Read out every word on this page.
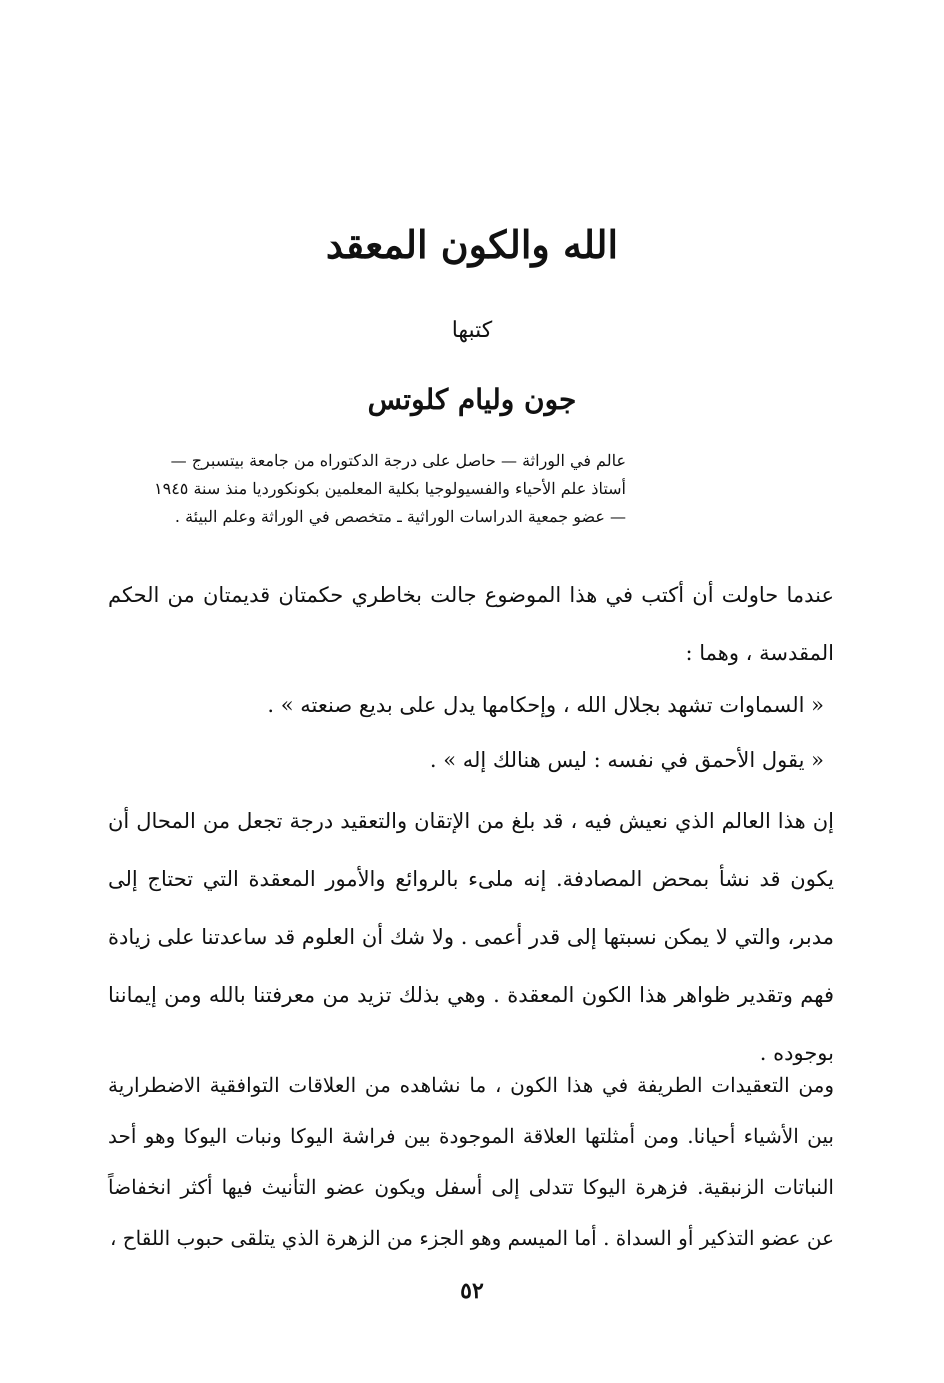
الله والكون المعقد
كتبها
جون وليام كلوتس
عالم في الوراثة — حاصل على درجة الدكتوراه من جامعة بيتسبرج —
أستاذ علم الأحياء والفسيولوجيا بكلية المعلمين بكونكورديا منذ سنة ١٩٤٥
— عضو جمعية الدراسات الوراثية ـ متخصص في الوراثة وعلم البيئة .
عندما حاولت أن أكتب في هذا الموضوع جالت بخاطري حكمتان قديمتان من الحكم المقدسة ، وهما :
« السماوات تشهد بجلال الله ، وإحكامها يدل على بديع صنعته » .
« يقول الأحمق في نفسه : ليس هنالك إله » .
إن هذا العالم الذي نعيش فيه ، قد بلغ من الإتقان والتعقيد درجة تجعل من المحال أن يكون قد نشأ بمحض المصادفة. إنه ملىء بالروائع والأمور المعقدة التي تحتاج إلى مدبر، والتي لا يمكن نسبتها إلى قدر أعمى . ولا شك أن العلوم قد ساعدتنا على زيادة فهم وتقدير ظواهر هذا الكون المعقدة . وهي بذلك تزيد من معرفتنا بالله ومن إيماننا بوجوده .
ومن التعقيدات الطريفة في هذا الكون ، ما نشاهده من العلاقات التوافقية الاضطرارية بين الأشياء أحيانا. ومن أمثلتها العلاقة الموجودة بين فراشة اليوكا ونبات اليوكا وهو أحد النباتات الزنبقية. فزهرة اليوكا تتدلى إلى أسفل ويكون عضو التأنيث فيها أكثر انخفاضاً عن عضو التذكير أو السداة . أما الميسم وهو الجزء من الزهرة الذي يتلقى حبوب اللقاح ،
٥٢
